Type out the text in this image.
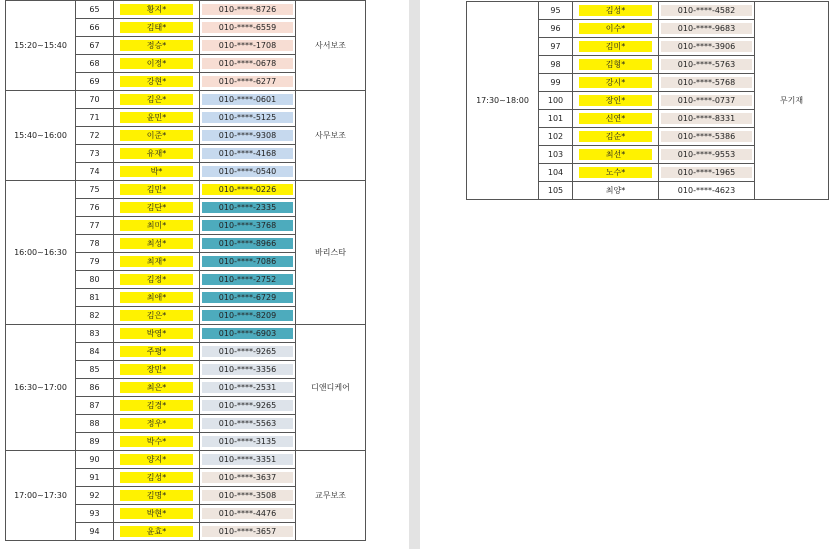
15:20~15:40	65	황지*	010-****-8726	사서보조
	66	김태*	010-****-6559	

	67	정승*	010-****-1708	

	68	이정*	010-****-0678	

	69	강현*	010-****-6277	

15:40~16:00	70	김은*	010-****-0601	사무보조
	71	윤민*	010-****-5125	

	72	이준*	010-****-9308	

	73	유재*	010-****-4168	

	74	박*	010-****-0540	

16:00~16:30	75	김민*	010-****-0226	바리스타
	76	김단*	010-****-2335	

	77	최미*	010-****-3768	

	78	최성*	010-****-8966	

	79	최재*	010-****-7086	

	80	김정*	010-****-2752	

	81	최애*	010-****-6729	

	82	김은*	010-****-8209	

16:30~17:00	83	박영*	010-****-6903	디앤디케어
	84	주평*	010-****-9265	

	85	장민*	010-****-3356	

	86	최은*	010-****-2531	

	87	김경*	010-****-9265	

	88	정우*	010-****-5563	

	89	박수*	010-****-3135	

17:00~17:30	90	양지*	010-****-3351	교무보조
	91	김성*	010-****-3637	

	92	김명*	010-****-3508	

	93	박현*	010-****-4476	

	94	윤효*	010-****-3657	
17:30~18:00	95	김성*	010-****-4582	무기재
	96	이수*	010-****-9683	

	97	김미*	010-****-3906	

	98	김형*	010-****-5763	

	99	강시*	010-****-5768	

	100	장인*	010-****-0737	

	101	신연*	010-****-8331	

	102	김순*	010-****-5386	

	103	최선*	010-****-9553	

	104	노수*	010-****-1965	

	105	최양*	010-****-4623	
